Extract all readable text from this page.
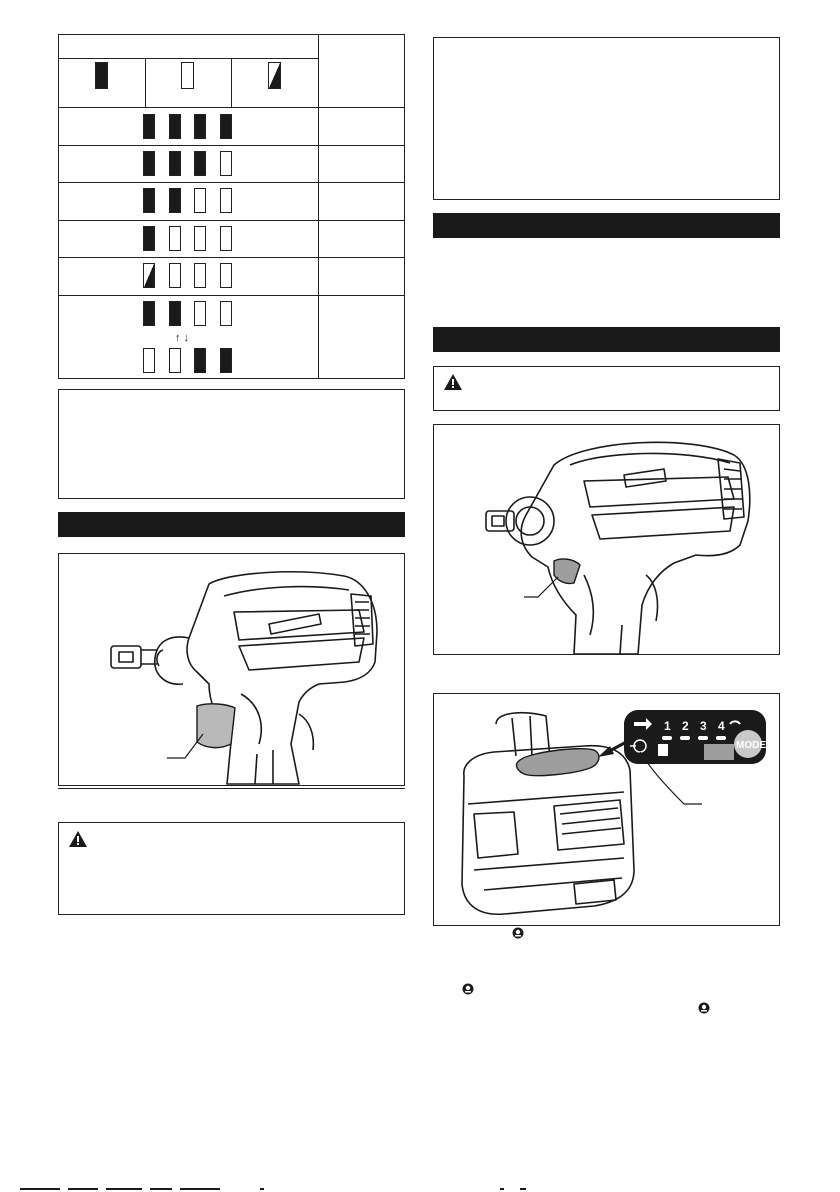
↑ ↓
1 2 3 4
MODE
